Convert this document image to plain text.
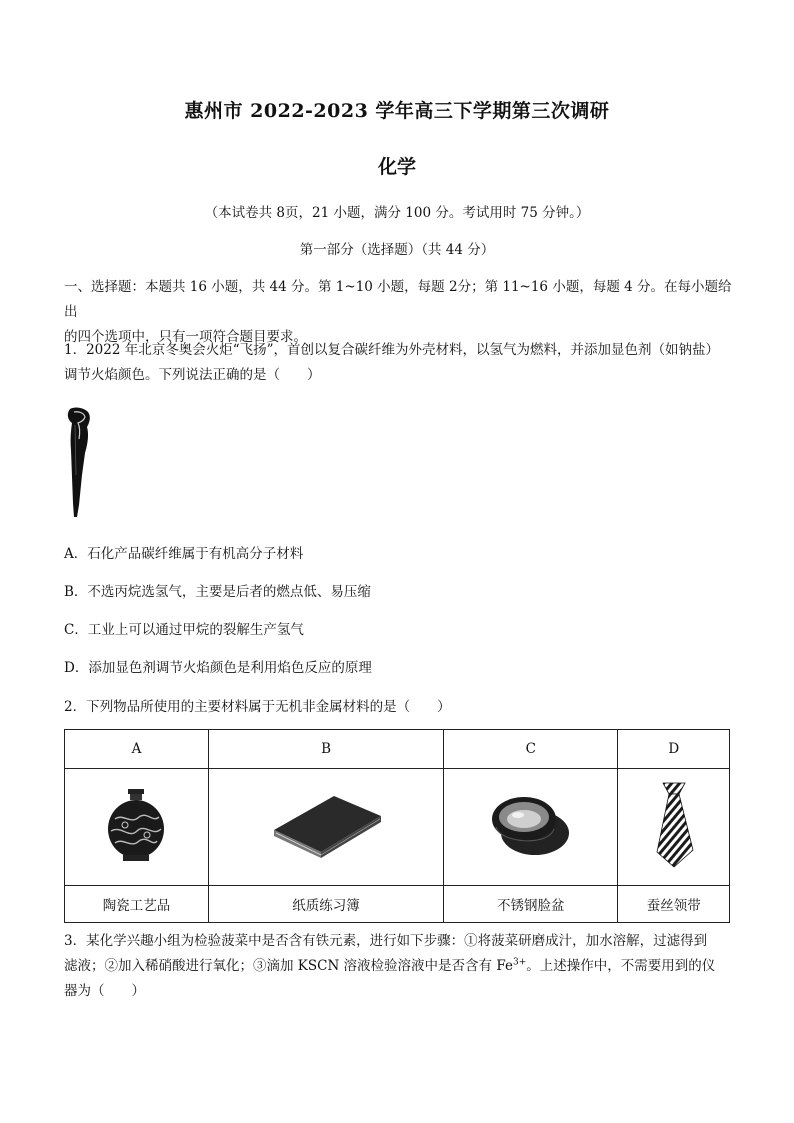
惠州市 2022-2023 学年高三下学期第三次调研
化学
（本试卷共 8页，21 小题，满分 100 分。考试用时 75 分钟。）
第一部分（选择题）（共 44 分）
一、选择题：本题共 16 小题，共 44 分。第 1~10 小题，每题 2分；第 11~16 小题，每题 4 分。在每小题给出
的四个选项中，只有一项符合题目要求。
1．2022 年北京冬奥会火炬“飞扬”，首创以复合碳纤维为外壳材料，以氢气为燃料，并添加显色剂（如钠盐）
调节火焰颜色。下列说法正确的是（　　）
A．石化产品碳纤维属于有机高分子材料
B．不选丙烷选氢气，主要是后者的燃点低、易压缩
C．工业上可以通过甲烷的裂解生产氢气
D．添加显色剂调节火焰颜色是利用焰色反应的原理
2．下列物品所使用的主要材料属于无机非金属材料的是（　　）
A	B	C	D

陶瓷工艺品	纸质练习簿	不锈钢脸盆	蚕丝领带
3．某化学兴趣小组为检验菠菜中是否含有铁元素，进行如下步骤：①将菠菜研磨成汁，加水溶解，过滤得到
滤液；②加入稀硝酸进行氧化；③滴加 KSCN 溶液检验溶液中是否含有 $Fe^{3+}$。上述操作中，不需要用到的仪
器为（　　）
